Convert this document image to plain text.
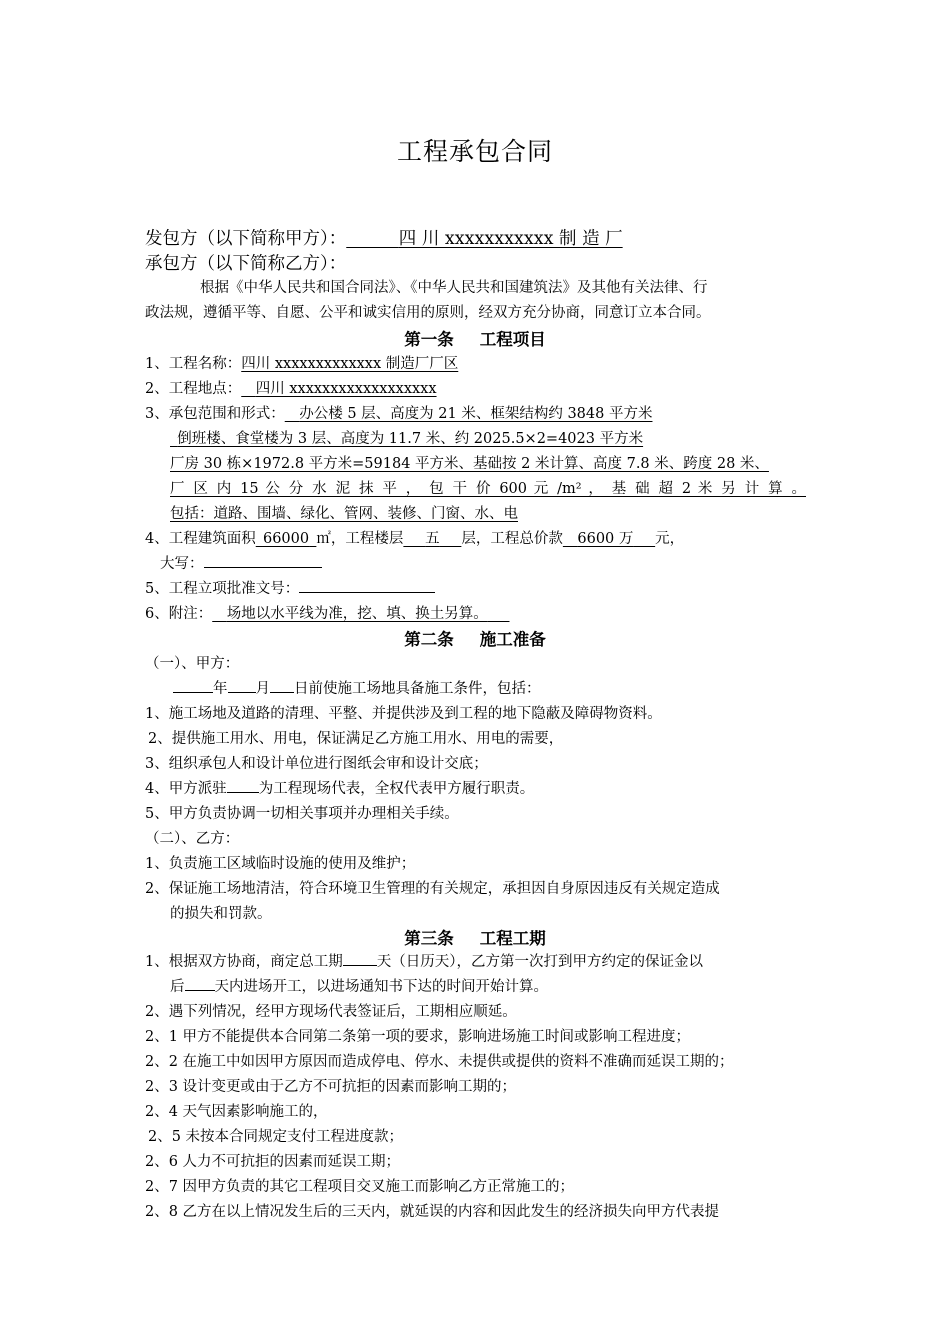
工程承包合同
发包方（以下简称甲方）：      	四 川 xxxxxxxxxxx 制 造 厂
承包方（以下简称乙方）：
根据《中华人民共和国合同法》、《中华人民共和国建筑法》及其他有关法律、行
政法规，遵循平等、自愿、公平和诚实信用的原则，经双方充分协商，同意订立本合同。
第一条 工程项目
1、工程名称：四川 xxxxxxxxxxxxx 制造厂厂区
2、工程地点：   四川 xxxxxxxxxxxxxxxxxx
3、承包范围和形式：   办公楼 5 层、高度为 21 米、框架结构约 3848 平方米
 倒班楼、食堂楼为 3 层、高度为 11.7 米、约 2025.5×2=4023 平方米
厂房 30 栋×1972.8 平方米=59184 平方米、基础按 2 米计算、高度 7.8 米、跨度 28 米、
厂 区 内 15 公 分 水 泥 抹 平 ， 包 干 价 600 元 /m² ， 基 础 超 2 米 另 计 算 。
包括：道路、围墙、绿化、管网、装修、门窗、水、电
4、工程建筑面积  66000  ㎡，工程楼层    五    层，工程总价款   6600 万    元，
大写：
5、工程立项批准文号：
6、附注：   场地以水平线为准，挖、填、换土另算。   
第二条 施工准备
（一）、甲方：
年 月 日前使施工场地具备施工条件，包括：
1、施工场地及道路的清理、平整、并提供涉及到工程的地下隐蔽及障碍物资料。
2、提供施工用水、用电，保证满足乙方施工用水、用电的需要，
3、组织承包人和设计单位进行图纸会审和设计交底；
4、甲方派驻 为工程现场代表，全权代表甲方履行职责。
5、甲方负责协调一切相关事项并办理相关手续。
（二）、乙方：
1、负责施工区域临时设施的使用及维护；
2、保证施工场地清洁，符合环境卫生管理的有关规定，承担因自身原因违反有关规定造成
的损失和罚款。
第三条 工程工期
1、根据双方协商，商定总工期 天（日历天），乙方第一次打到甲方约定的保证金以
后 天内进场开工，以进场通知书下达的时间开始计算。
2、遇下列情况，经甲方现场代表签证后，工期相应顺延。
2、1 甲方不能提供本合同第二条第一项的要求，影响进场施工时间或影响工程进度；
2、2 在施工中如因甲方原因而造成停电、停水、未提供或提供的资料不准确而延误工期的；
2、3 设计变更或由于乙方不可抗拒的因素而影响工期的；
2、4 天气因素影响施工的，
2、5 未按本合同规定支付工程进度款；
2、6 人力不可抗拒的因素而延误工期；
2、7 因甲方负责的其它工程项目交叉施工而影响乙方正常施工的；
2、8 乙方在以上情况发生后的三天内，就延误的内容和因此发生的经济损失向甲方代表提
